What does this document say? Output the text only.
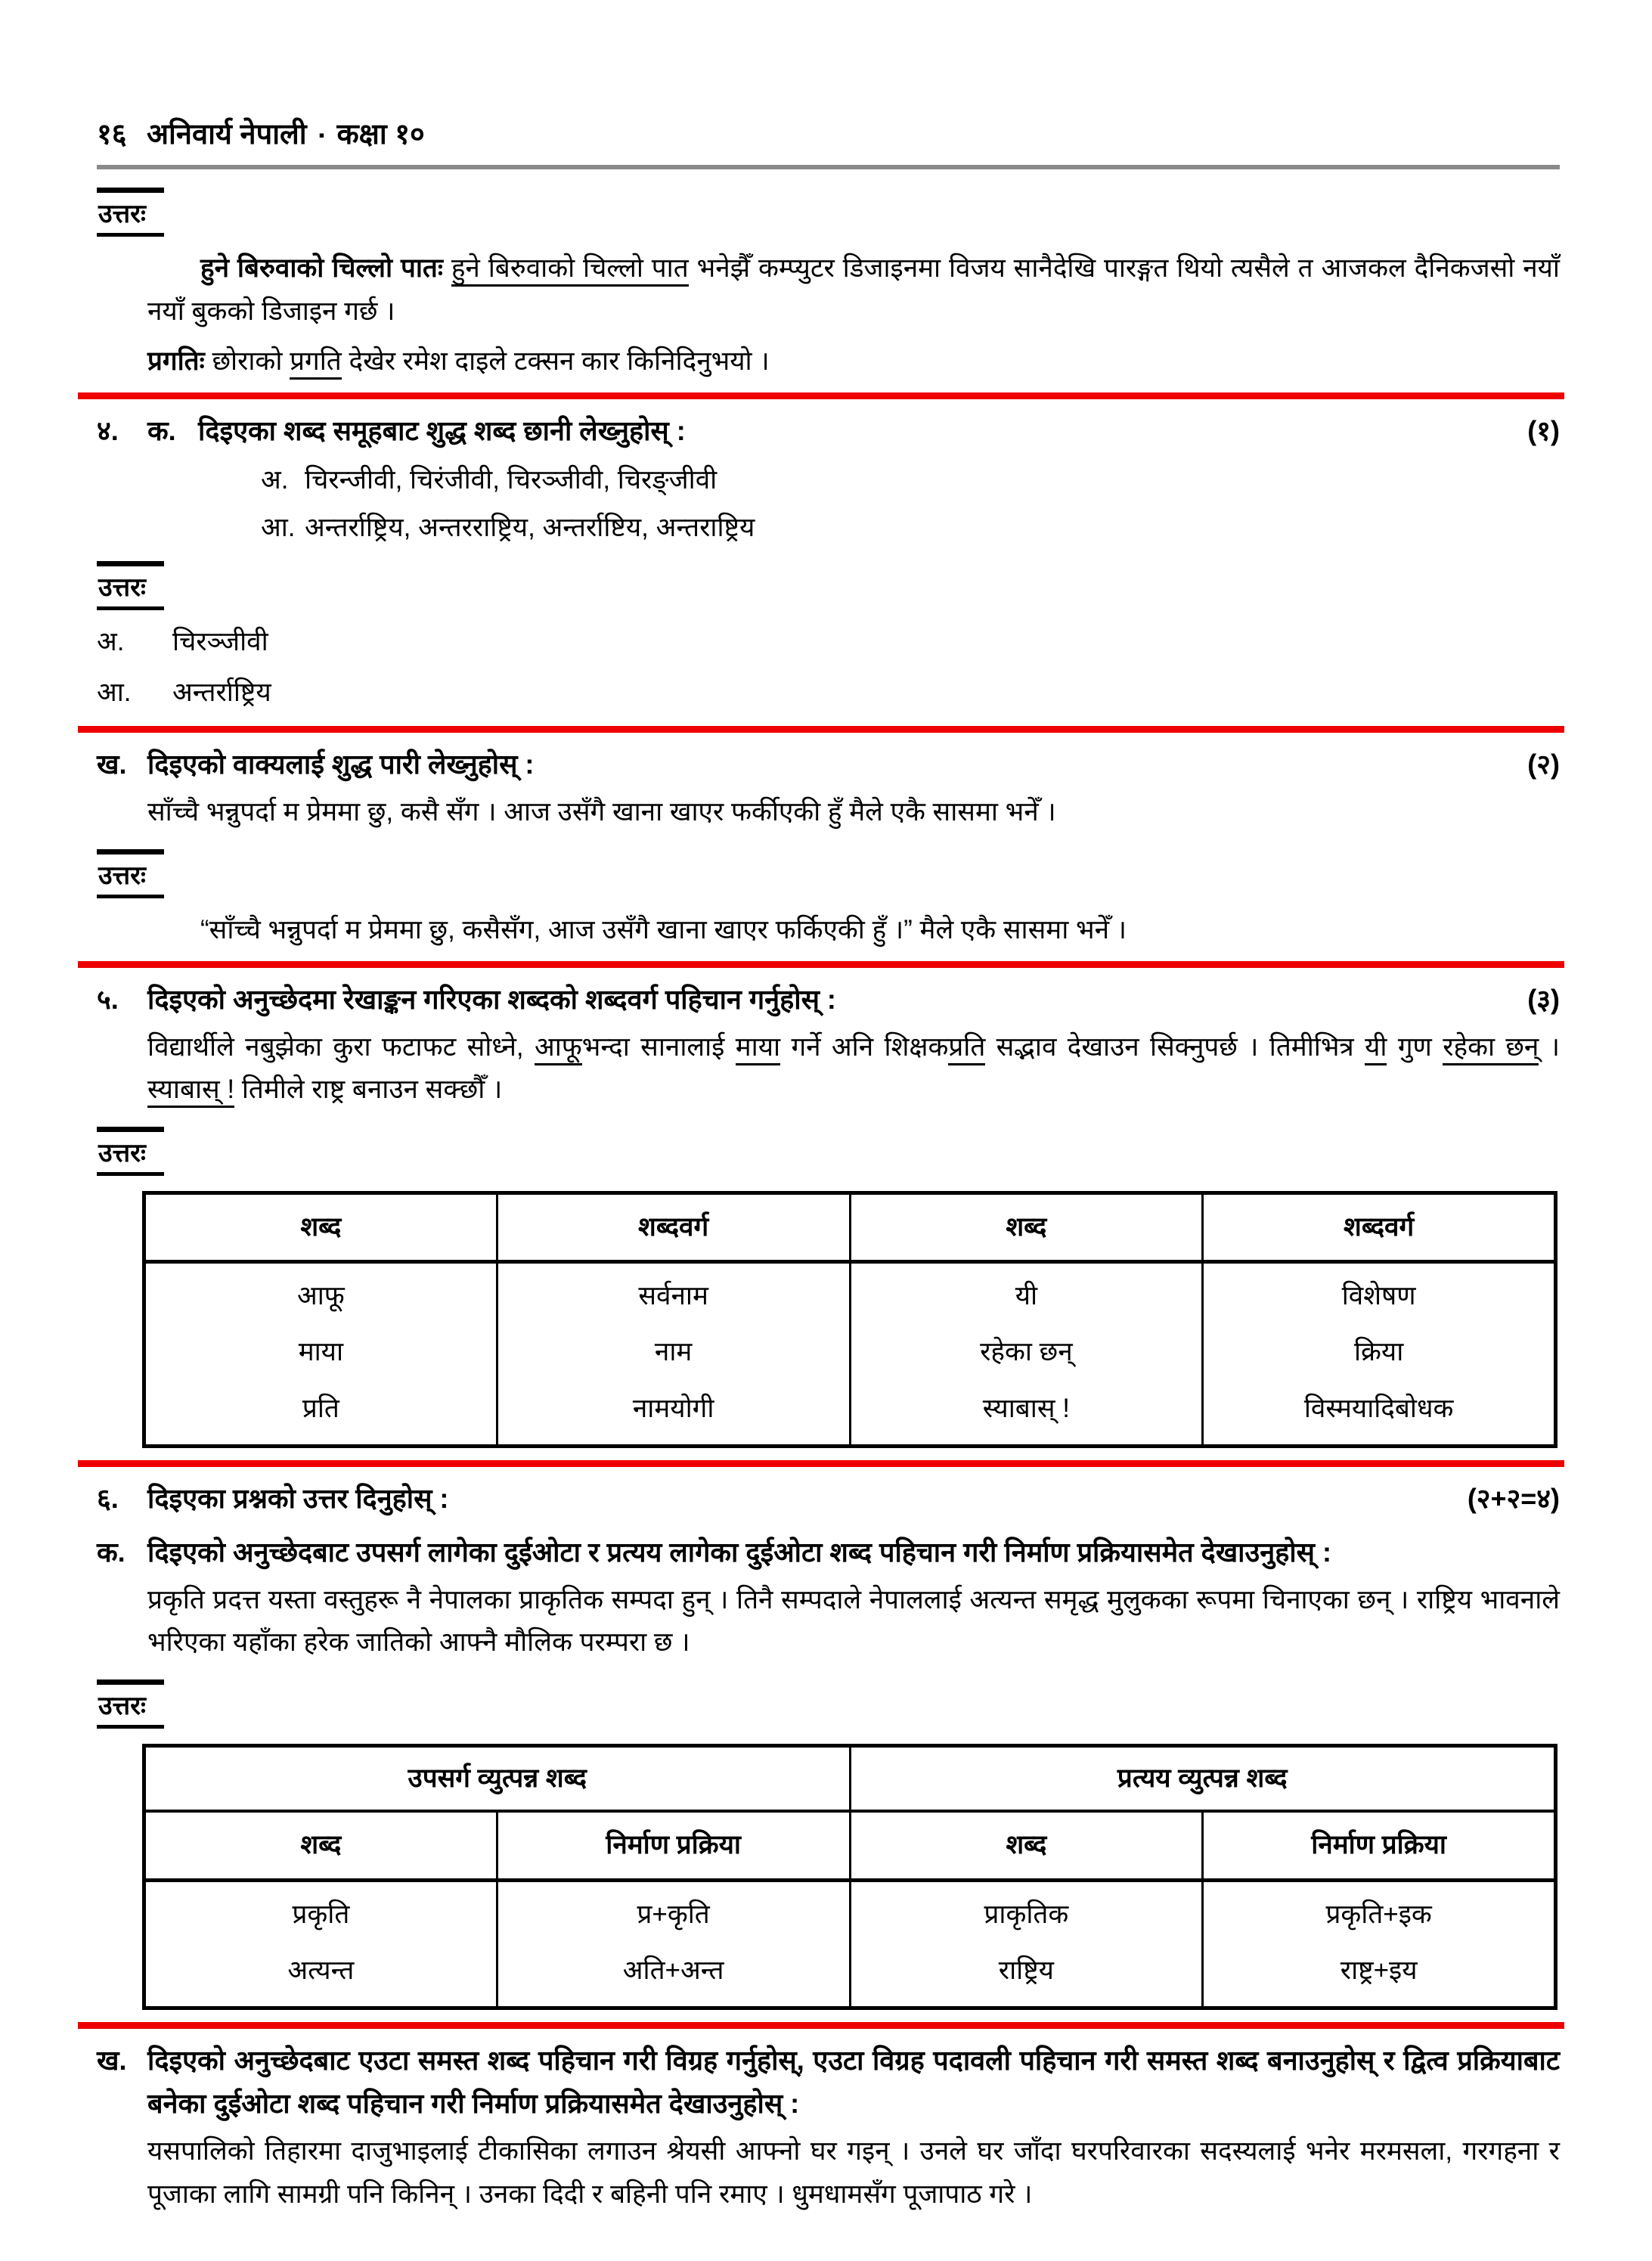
१६ अनिवार्य नेपाली ▪ कक्षा १०
उत्तरः

हुने बिरुवाको चिल्लो पातः हुने बिरुवाको चिल्लो पात भनेझैँ कम्प्युटर डिजाइनमा विजय सानैदेखि पारङ्गत थियो त्यसैले त आजकल दैनिकजसो नयाँ नयाँ बुकको डिजाइन गर्छ ।

प्रगतिः छोराको प्रगति देखेर रमेश दाइले टक्सन कार किनिदिनुभयो ।

४.	क. दिइएका शब्द समूहबाट शुद्ध शब्द छानी लेख्नुहोस् :	(१)
अ. चिरन्जीवी, चिरंजीवी, चिरञ्जीवी, चिरङ्जीवी
आ. अन्तर्राष्ट्रिय, अन्तरराष्ट्रिय, अन्तर्राष्टिय, अन्तराष्ट्रिय
उत्तरः
अ.	चिरञ्जीवी
आ.	अन्तर्राष्ट्रिय
ख. दिइएको वाक्यलाई शुद्ध पारी लेख्नुहोस् :	(२)

साँच्चै भन्नुपर्दा म प्रेममा छु, कसै सँग । आज उसँगै खाना खाएर फर्कीएकी हुँ मैले एकै सासमा भनेँ ।

उत्तरः

“साँच्चै भन्नुपर्दा म प्रेममा छु, कसैसँग, आज उसँगै खाना खाएर फर्किएकी हुँ ।” मैले एकै सासमा भनेँ ।

५.	दिइएको अनुच्छेदमा रेखाङ्कन गरिएका शब्दको शब्दवर्ग पहिचान गर्नुहोस् :	(३)

विद्यार्थीले नबुझेका कुरा फटाफट सोध्ने, आफूभन्दा सानालाई माया गर्ने अनि शिक्षकप्रति सद्भाव देखाउन सिक्नुपर्छ । तिमीभित्र यी गुण रहेका छन् । स्याबास् ! तिमीले राष्ट्र बनाउन सक्छौँ ।

उत्तरः
शब्द	शब्दवर्ग	शब्द	शब्दवर्ग
आफू	सर्वनाम	यी	विशेषण
माया	नाम	रहेका छन्	क्रिया
प्रति	नामयोगी	स्याबास् !	विस्मयादिबोधक
६.	दिइएका प्रश्नको उत्तर दिनुहोस् :	(२+२=४)
क. दिइएको अनुच्छेदबाट उपसर्ग लागेका दुईओटा र प्रत्यय लागेका दुईओटा शब्द पहिचान गरी निर्माण प्रक्रियासमेत देखाउनुहोस् :

प्रकृति प्रदत्त यस्ता वस्तुहरू नै नेपालका प्राकृतिक सम्पदा हुन् । तिनै सम्पदाले नेपाललाई अत्यन्त समृद्ध मुलुकका रूपमा चिनाएका छन् । राष्ट्रिय भावनाले भरिएका यहाँका हरेक जातिको आफ्नै मौलिक परम्परा छ ।

उत्तरः
उपसर्ग व्युत्पन्न शब्द		प्रत्यय व्युत्पन्न शब्द	
शब्द	निर्माण प्रक्रिया	शब्द	निर्माण प्रक्रिया
प्रकृति	प्र+कृति	प्राकृतिक	प्रकृति+इक
अत्यन्त	अति+अन्त	राष्ट्रिय	राष्ट्र+इय
ख. दिइएको अनुच्छेदबाट एउटा समस्त शब्द पहिचान गरी विग्रह गर्नुहोस्, एउटा विग्रह पदावली पहिचान गरी समस्त शब्द बनाउनुहोस् र द्वित्व प्रक्रियाबाट बनेका दुईओटा शब्द पहिचान गरी निर्माण प्रक्रियासमेत देखाउनुहोस् :

यसपालिको तिहारमा दाजुभाइलाई टीकासिका लगाउन श्रेयसी आफ्नो घर गइन् । उनले घर जाँदा घरपरिवारका सदस्यलाई भनेर मरमसला, गरगहना र पूजाका लागि सामग्री पनि किनिन् । उनका दिदी र बहिनी पनि रमाए । धुमधामसँग पूजापाठ गरे ।
